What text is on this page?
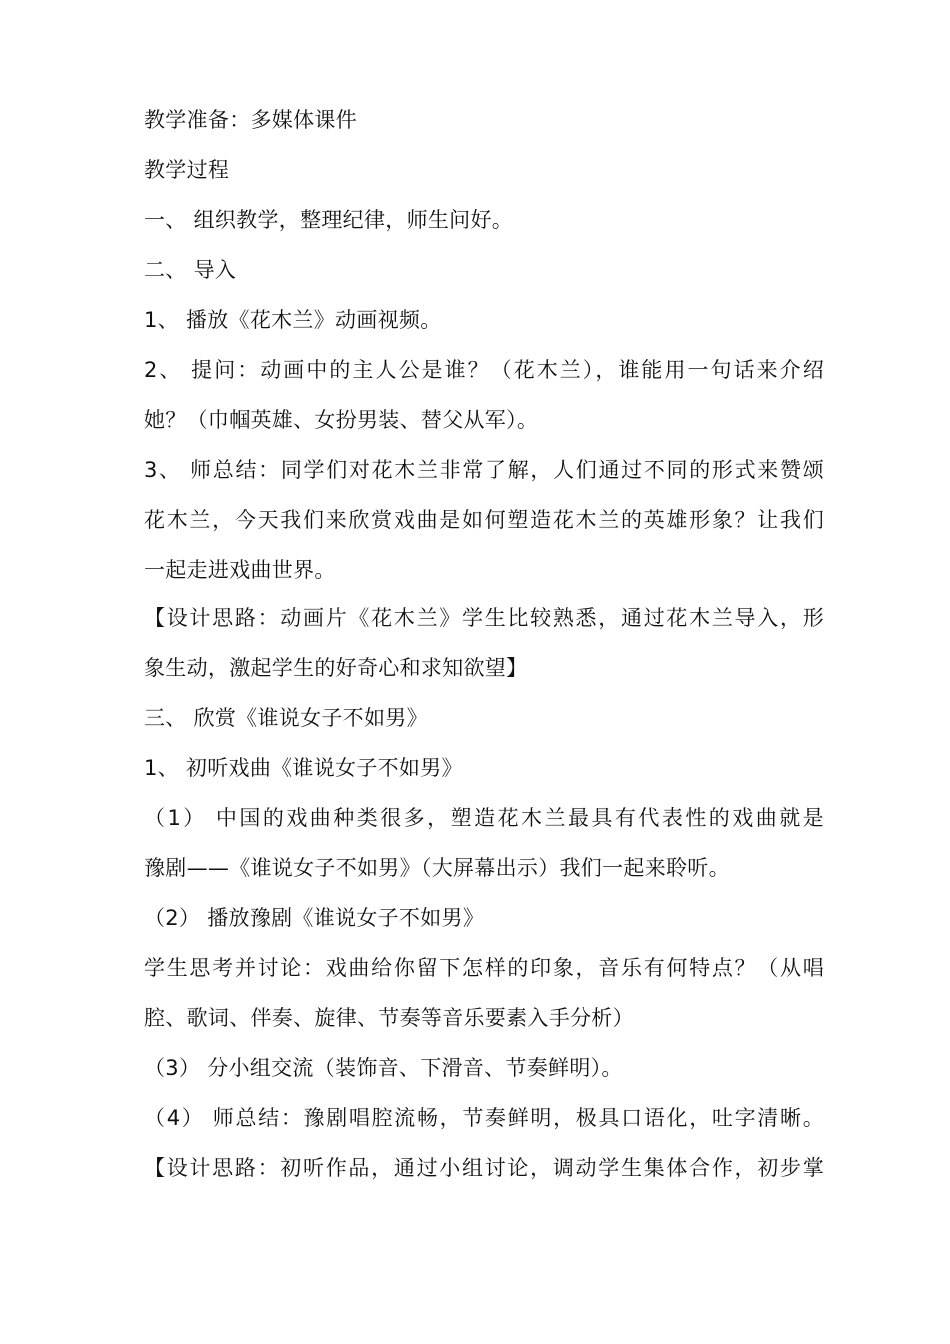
教学准备：多媒体课件
教学过程
一、 组织教学，整理纪律，师生问好。
二、 导入
1、 播放《花木兰》动画视频。
2、 提问：动画中的主人公是谁？（花木兰），谁能用一句话来介绍
她？（巾帼英雄、女扮男装、替父从军）。
3、 师总结：同学们对花木兰非常了解，人们通过不同的形式来赞颂
花木兰，今天我们来欣赏戏曲是如何塑造花木兰的英雄形象？让我们
一起走进戏曲世界。
【设计思路：动画片《花木兰》学生比较熟悉，通过花木兰导入，形
象生动，激起学生的好奇心和求知欲望】
三、 欣赏《谁说女子不如男》
1、 初听戏曲《谁说女子不如男》
（1） 中国的戏曲种类很多，塑造花木兰最具有代表性的戏曲就是
豫剧——《谁说女子不如男》（大屏幕出示）我们一起来聆听。
（2） 播放豫剧《谁说女子不如男》
学生思考并讨论：戏曲给你留下怎样的印象，音乐有何特点？（从唱
腔、歌词、伴奏、旋律、节奏等音乐要素入手分析）
（3） 分小组交流（装饰音、下滑音、节奏鲜明）。
（4） 师总结：豫剧唱腔流畅，节奏鲜明，极具口语化，吐字清晰。
【设计思路：初听作品，通过小组讨论，调动学生集体合作，初步掌
